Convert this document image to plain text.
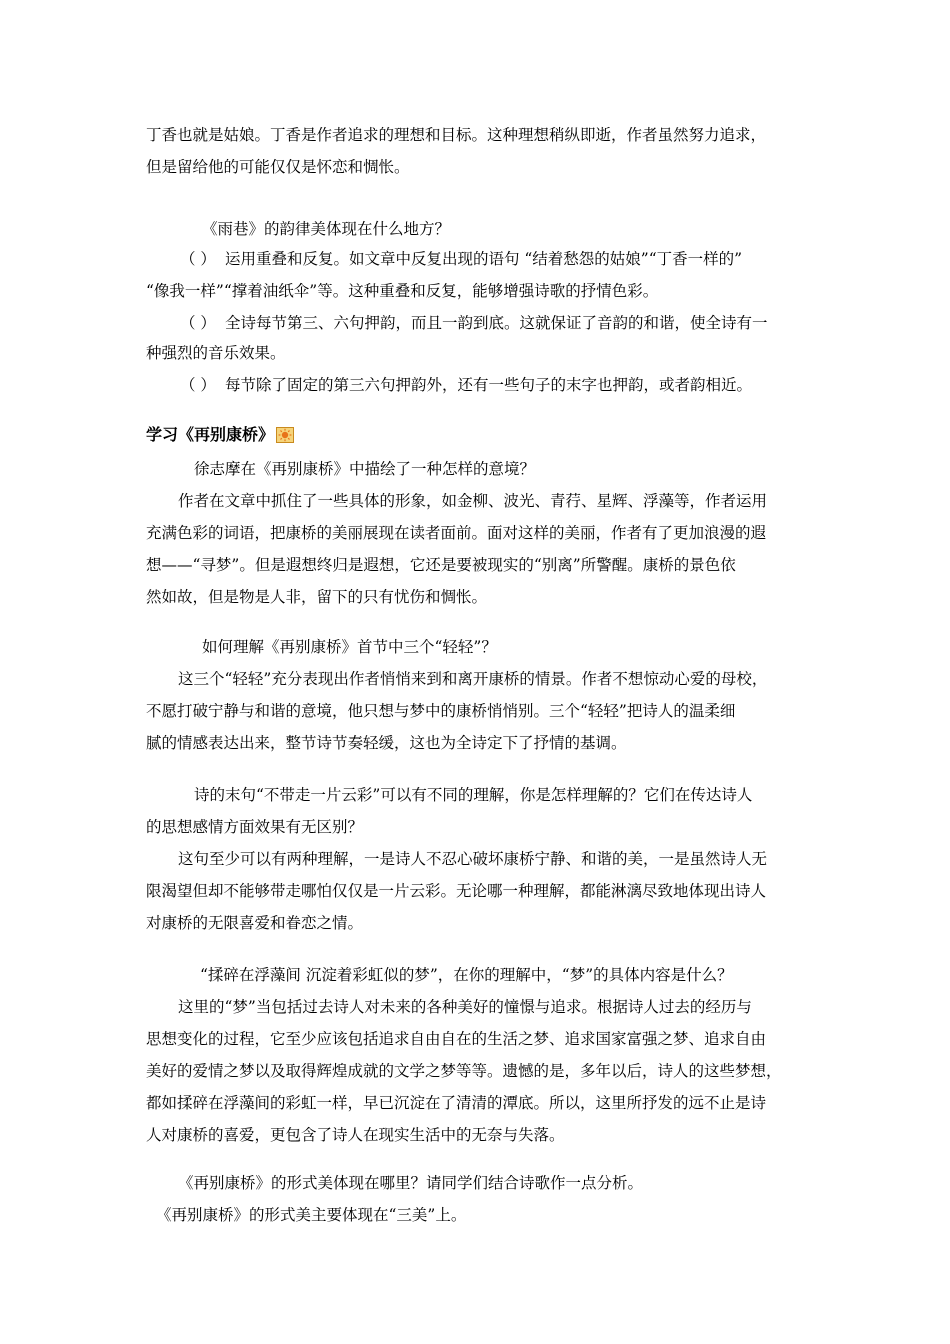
丁香也就是姑娘。丁香是作者追求的理想和目标。这种理想稍纵即逝，作者虽然努力追求，

但是留给他的可能仅仅是怀恋和惆怅。

《雨巷》的韵律美体现在什么地方？

（ ） 运用重叠和反复。如文章中反复出现的语句 “结着愁怨的姑娘”“丁香一样的”

“像我一样”“撑着油纸伞”等。这种重叠和反复，能够增强诗歌的抒情色彩。

（ ） 全诗每节第三、六句押韵，而且一韵到底。这就保证了音韵的和谐，使全诗有一

种强烈的音乐效果。

（ ） 每节除了固定的第三六句押韵外，还有一些句子的末字也押韵，或者韵相近。

学习《再别康桥》

徐志摩在《再别康桥》中描绘了一种怎样的意境？

作者在文章中抓住了一些具体的形象，如金柳、波光、青荇、星辉、浮藻等，作者运用

充满色彩的词语，把康桥的美丽展现在读者面前。面对这样的美丽，作者有了更加浪漫的遐

想——“寻梦”。但是遐想终归是遐想，它还是要被现实的“别离”所警醒。康桥的景色依

然如故，但是物是人非，留下的只有忧伤和惆怅。

如何理解《再别康桥》首节中三个“轻轻”？

这三个“轻轻”充分表现出作者悄悄来到和离开康桥的情景。作者不想惊动心爱的母校，

不愿打破宁静与和谐的意境，他只想与梦中的康桥悄悄别。三个“轻轻”把诗人的温柔细

腻的情感表达出来，整节诗节奏轻缓，这也为全诗定下了抒情的基调。

诗的末句“不带走一片云彩”可以有不同的理解，你是怎样理解的？它们在传达诗人

的思想感情方面效果有无区别？

这句至少可以有两种理解，一是诗人不忍心破坏康桥宁静、和谐的美，一是虽然诗人无

限渴望但却不能够带走哪怕仅仅是一片云彩。无论哪一种理解，都能淋漓尽致地体现出诗人

对康桥的无限喜爱和眷恋之情。

“揉碎在浮藻间 沉淀着彩虹似的梦”，在你的理解中，“梦”的具体内容是什么？

这里的“梦”当包括过去诗人对未来的各种美好的憧憬与追求。根据诗人过去的经历与

思想变化的过程，它至少应该包括追求自由自在的生活之梦、追求国家富强之梦、追求自由

美好的爱情之梦以及取得辉煌成就的文学之梦等等。遗憾的是，多年以后，诗人的这些梦想，

都如揉碎在浮藻间的彩虹一样，早已沉淀在了清清的潭底。所以，这里所抒发的远不止是诗

人对康桥的喜爱，更包含了诗人在现实生活中的无奈与失落。

《再别康桥》的形式美体现在哪里？请同学们结合诗歌作一点分析。

《再别康桥》的形式美主要体现在“三美”上。
